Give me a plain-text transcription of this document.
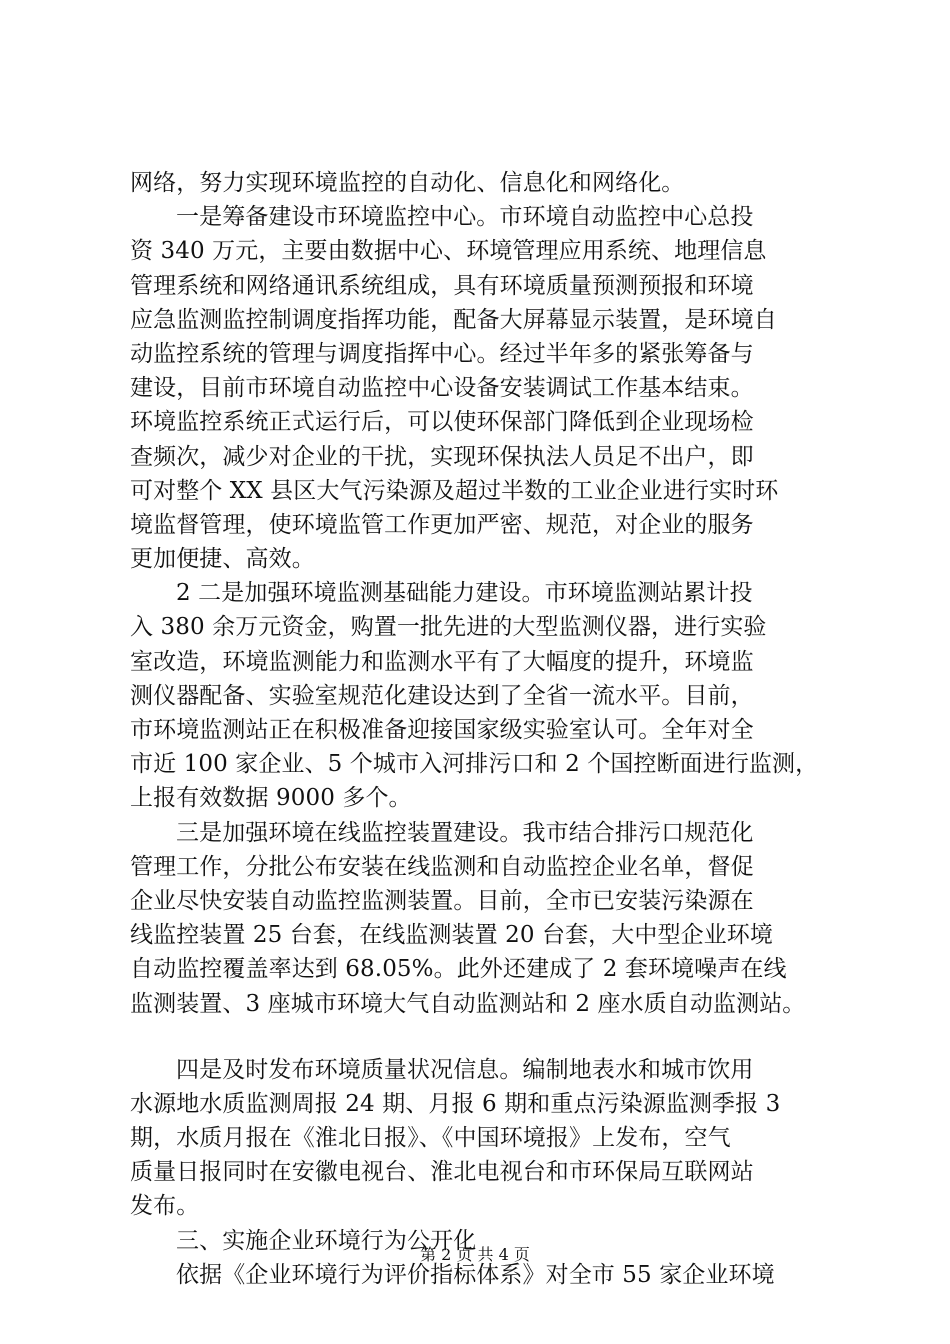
网络，努力实现环境监控的自动化、信息化和网络化。
一是筹备建设市环境监控中心。市环境自动监控中心总投
资 340 万元，主要由数据中心、环境管理应用系统、地理信息
管理系统和网络通讯系统组成，具有环境质量预测预报和环境
应急监测监控制调度指挥功能，配备大屏幕显示装置，是环境自
动监控系统的管理与调度指挥中心。经过半年多的紧张筹备与
建设，目前市环境自动监控中心设备安装调试工作基本结束。
环境监控系统正式运行后，可以使环保部门降低到企业现场检
查频次，减少对企业的干扰，实现环保执法人员足不出户，即
可对整个 XX 县区大气污染源及超过半数的工业企业进行实时环
境监督管理，使环境监管工作更加严密、规范，对企业的服务
更加便捷、高效。
2 二是加强环境监测基础能力建设。市环境监测站累计投
入 380 余万元资金，购置一批先进的大型监测仪器，进行实验
室改造，环境监测能力和监测水平有了大幅度的提升，环境监
测仪器配备、实验室规范化建设达到了全省一流水平。目前，
市环境监测站正在积极准备迎接国家级实验室认可。全年对全
市近 100 家企业、5 个城市入河排污口和 2 个国控断面进行监测，
上报有效数据 9000 多个。
三是加强环境在线监控装置建设。我市结合排污口规范化
管理工作，分批公布安装在线监测和自动监控企业名单，督促
企业尽快安装自动监控监测装置。目前，全市已安装污染源在
线监控装置 25 台套，在线监测装置 20 台套，大中型企业环境
自动监控覆盖率达到 68.05%。此外还建成了 2 套环境噪声在线
监测装置、3 座城市环境大气自动监测站和 2 座水质自动监测站。
四是及时发布环境质量状况信息。编制地表水和城市饮用
水源地水质监测周报 24 期、月报 6 期和重点污染源监测季报 3
期，水质月报在《淮北日报》、《中国环境报》上发布，空气
质量日报同时在安徽电视台、淮北电视台和市环保局互联网站
发布。
三、实施企业环境行为公开化
依据《企业环境行为评价指标体系》对全市 55 家企业环境
第 2 页 共 4 页
